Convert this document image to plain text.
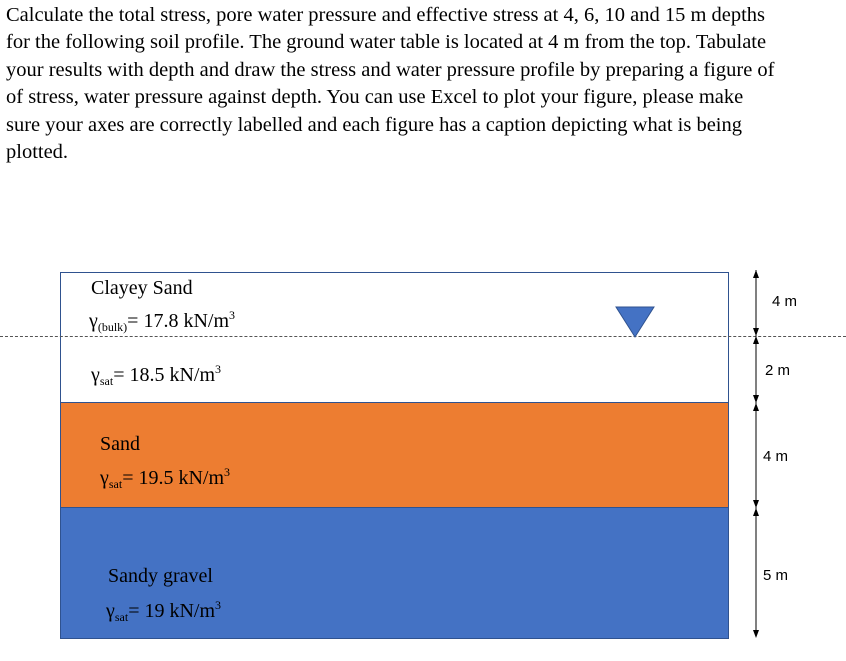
Calculate the total stress, pore water pressure and effective stress at 4, 6, 10 and 15 m depths

for the following soil profile. The ground water table is located at 4 m from the top. Tabulate

your results with depth and draw the stress and water pressure profile by preparing a figure of

of stress, water pressure against depth. You can use Excel to plot your figure, please make

sure your axes are correctly labelled and each figure has a caption depicting what is being

plotted.

Clayey Sand
$\gamma_{(bulk)}= 17.8$ $kN/m^3$
$\gamma_{sat}= 18.5$ $kN/m^3$
Sand
$\gamma_{sat}= 19.5$ $kN/m^3$
Sandy gravel
$\gamma_{sat}= 19$ $kN/m^3$
4 m
2 m
4 m
5 m
